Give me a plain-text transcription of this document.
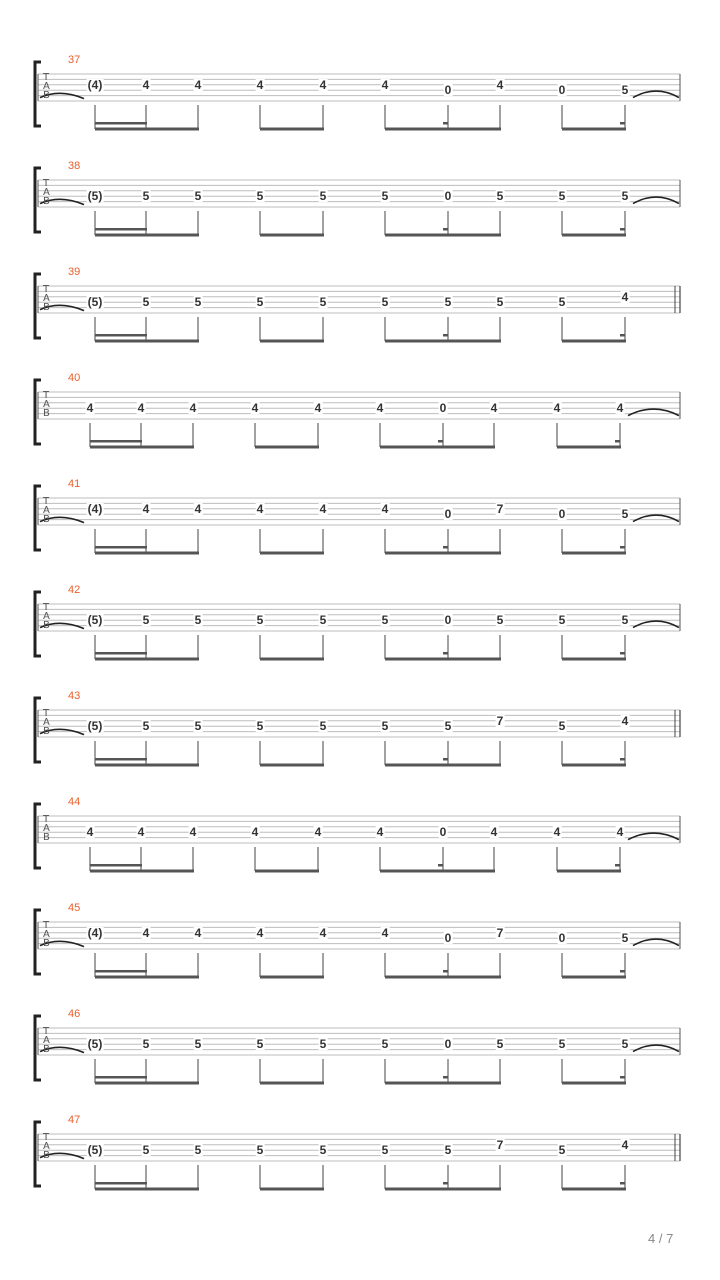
37
T
A
B
(4)	4	4	4	4	4	0	4	0	5
38
T
A
B	(5)	5	5	5	5	5	0	5	5	5
39
T
A
B	(5)	5	5	5	5	5	5	5	5	4
40
T
A
B	4	4	4	4	4	4	0	4	4	4
41
T
A
B
(4)	4	4	4	4	4	0	7	0	5
42
T
A
B	(5)	5	5	5	5	5	0	5	5	5
43
T
A
B	(5)	5	5	5	5	5	5	7	5	4
44
T
A
B	4	4	4	4	4	4	0	4	4	4
45
T
A
B
(4)	4	4	4	4	4	0	7	0	5
46
T
A
B	(5)	5	5	5	5	5	0	5	5	5
47
T
A
B	(5)	5	5	5	5	5	5	7	5	4
4 / 7
